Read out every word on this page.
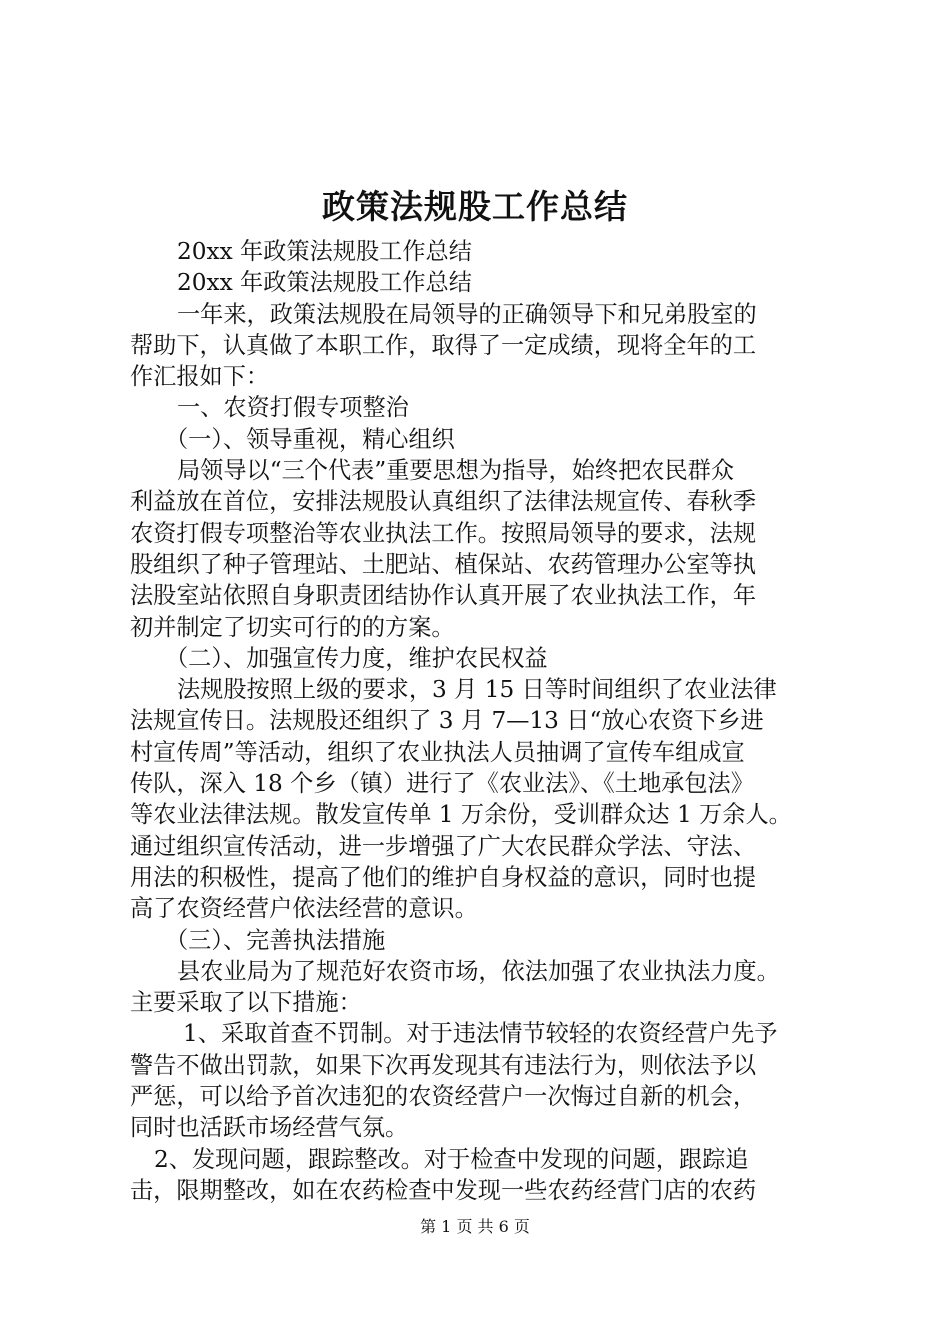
政策法规股工作总结
20xx 年政策法规股工作总结
20xx 年政策法规股工作总结
一年来，政策法规股在局领导的正确领导下和兄弟股室的
帮助下，认真做了本职工作，取得了一定成绩，现将全年的工
作汇报如下：
一、农资打假专项整治
（一）、领导重视，精心组织
局领导以“三个代表”重要思想为指导，始终把农民群众
利益放在首位，安排法规股认真组织了法律法规宣传、春秋季
农资打假专项整治等农业执法工作。按照局领导的要求，法规
股组织了种子管理站、土肥站、植保站、农药管理办公室等执
法股室站依照自身职责团结协作认真开展了农业执法工作，年
初并制定了切实可行的的方案。
（二）、加强宣传力度，维护农民权益
法规股按照上级的要求，3 月 15 日等时间组织了农业法律
法规宣传日。法规股还组织了 3 月 7—13 日“放心农资下乡进
村宣传周”等活动，组织了农业执法人员抽调了宣传车组成宣
传队，深入 18 个乡（镇）进行了《农业法》、《土地承包法》
等农业法律法规。散发宣传单 1 万余份，受训群众达 1 万余人。
通过组织宣传活动，进一步增强了广大农民群众学法、守法、
用法的积极性，提高了他们的维护自身权益的意识，同时也提
高了农资经营户依法经营的意识。
（三）、完善执法措施
县农业局为了规范好农资市场，依法加强了农业执法力度。
主要采取了以下措施：
1、采取首查不罚制。对于违法情节较轻的农资经营户先予
警告不做出罚款，如果下次再发现其有违法行为，则依法予以
严惩，可以给予首次违犯的农资经营户一次悔过自新的机会，
同时也活跃市场经营气氛。
2、发现问题，跟踪整改。对于检查中发现的问题，跟踪追
击，限期整改，如在农药检查中发现一些农药经营门店的农药
第 1 页 共 6 页
